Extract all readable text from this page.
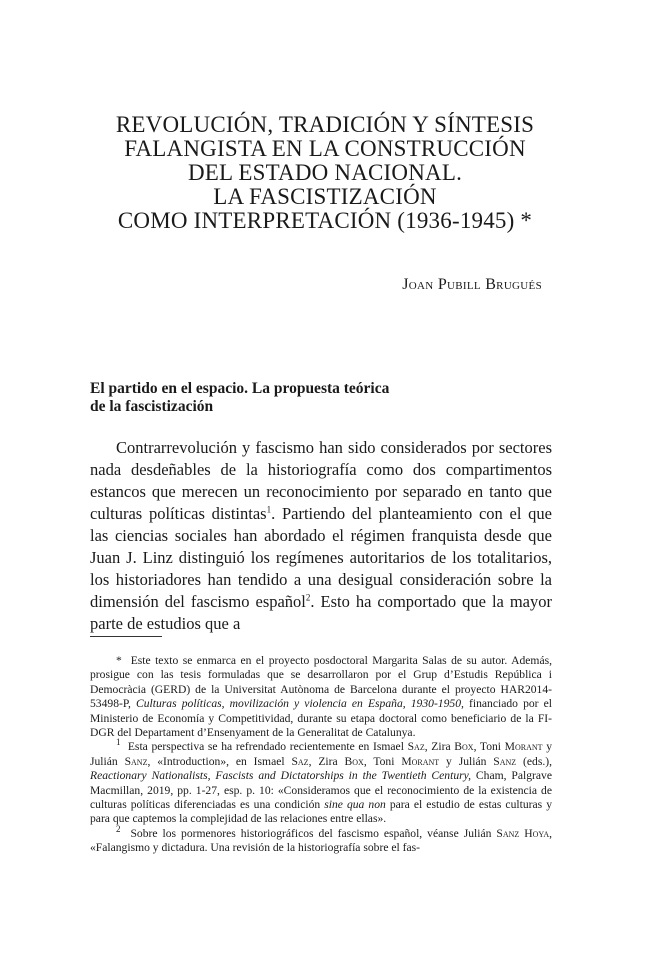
REVOLUCIÓN, TRADICIÓN Y SÍNTESIS
FALANGISTA EN LA CONSTRUCCIÓN
DEL ESTADO NACIONAL.
LA FASCISTIZACIÓN
COMO INTERPRETACIÓN (1936-1945) *
Joan Pubill Brugués
El partido en el espacio. La propuesta teórica
de la fascistización

Contrarrevolución y fascismo han sido considerados por sectores nada desdeñables de la historiografía como dos compartimentos estancos que merecen un reconocimiento por separado en tanto que culturas políticas distintas$^1$. Partiendo del planteamiento con el que las ciencias sociales han abordado el régimen franquista desde que Juan J. Linz distinguió los regímenes autoritarios de los totalitarios, los historiadores han tendido a una desigual consideración sobre la dimensión del fascismo español$^2$. Esto ha comportado que la mayor parte de estudios que a

* Este texto se enmarca en el proyecto posdoctoral Margarita Salas de su autor. Además, prosigue con las tesis formuladas que se desarrollaron por el Grup d’Estudis República i Democràcia (GERD) de la Universitat Autònoma de Barcelona durante el proyecto HAR2014-53498-P, Culturas políticas, movilización y violencia en España, 1930-1950, financiado por el Ministerio de Economía y Competitividad, durante su etapa doctoral como beneficiario de la FI-DGR del Departament d’Ensenyament de la Generalitat de Catalunya.

$^1$ Esta perspectiva se ha refrendado recientemente en Ismael Saz, Zira Box, Toni Morant y Julián Sanz, «Introduction», en Ismael Saz, Zira Box, Toni Morant y Julián Sanz (eds.), Reactionary Nationalists, Fascists and Dictatorships in the Twentieth Century, Cham, Palgrave Macmillan, 2019, pp. 1-27, esp. p. 10: «Consideramos que el reconocimiento de la existencia de culturas políticas diferenciadas es una condición sine qua non para el estudio de estas culturas y para que captemos la complejidad de las relaciones entre ellas».

$^2$ Sobre los pormenores historiográficos del fascismo español, véanse Julián Sanz Hoya, «Falangismo y dictadura. Una revisión de la historiografía sobre el fas-
